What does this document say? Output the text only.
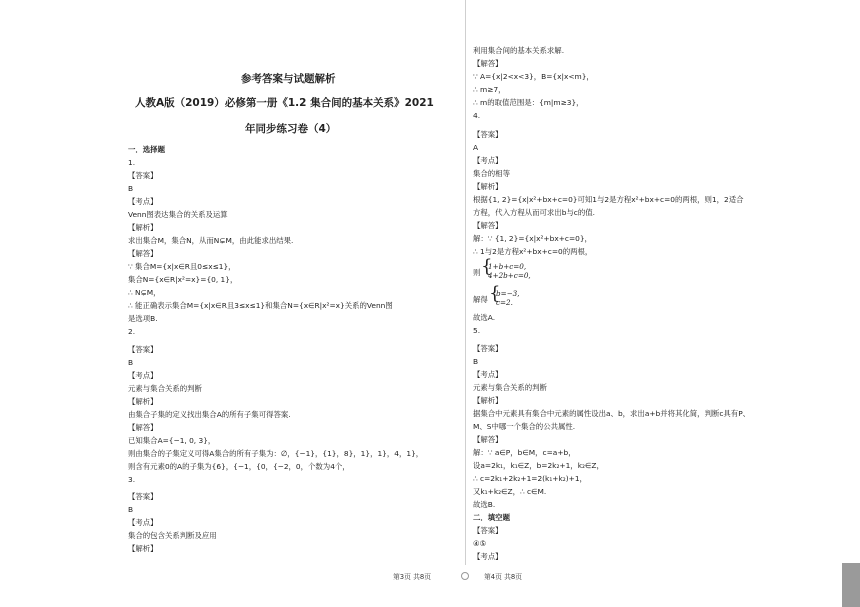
参考答案与试题解析
人教A版（2019）必修第一册《1.2 集合间的基本关系》2021
年同步练习卷（4）
一．选择题
1.
【答案】
B
【考点】
Venn图表达集合的关系及运算
【解析】
求出集合M，集合N，从而N⊊M，由此能求出结果.
【解答】
∵ 集合M={x|x∈R且0≤x≤1}，
集合N={x∈R|x²=x}={0, 1}，
∴ N⊊M，
∴ 能正确表示集合M={x|x∈R且3≤x≤1}和集合N={x∈R|x²=x}关系的Venn图
是选项B.
2.
【答案】
B
【考点】
元素与集合关系的判断
【解析】
由集合子集的定义找出集合A的所有子集可得答案.
【解答】
已知集合A={−1, 0, 3}，
则由集合的子集定义可得A集合的所有子集为：∅，{−1}，{1}，8}，1}，1}，4，1}，
则含有元素0的A的子集为{6}，{−1，{0，{−2，0，个数为4个，
3.
【答案】
B
【考点】
集合的包含关系判断及应用
【解析】
利用集合间的基本关系求解.
【解答】
∵ A={x|2<x<3}，B={x|x<m}，
∴ m≥7，
∴ m的取值范围是：{m|m≥3}，
4.
【答案】
A
【考点】
集合的相等
【解析】
根据{1, 2}={x|x²+bx+c=0}可知1与2是方程x²+bx+c=0的两根，则1，2适合
方程，代入方程从而可求出b与c的值.
【解答】
解：∵ {1, 2}={x|x²+bx+c=0}，
∴ 1与2是方程x²+bx+c=0的两根，
则 {
1+b+c=0,
4+2b+c=0,
解得 {
b=−3,
c=2.
故选A.
5.
【答案】
B
【考点】
元素与集合关系的判断
【解析】
据集合中元素具有集合中元素的属性设出a、b，求出a+b并将其化简，判断c具有P、
M、S中哪一个集合的公共属性.
【解答】
解：∵ a∈P，b∈M，c=a+b，
设a=2k₁，k₁∈Z，b=2k₂+1，k₂∈Z，
∴ c=2k₁+2k₂+1=2(k₁+k₂)+1，
又k₁+k₂∈Z，∴ c∈M.
故选B.
二．填空题
【答案】
④⑤
【考点】
第3页 共8页	第4页 共8页
